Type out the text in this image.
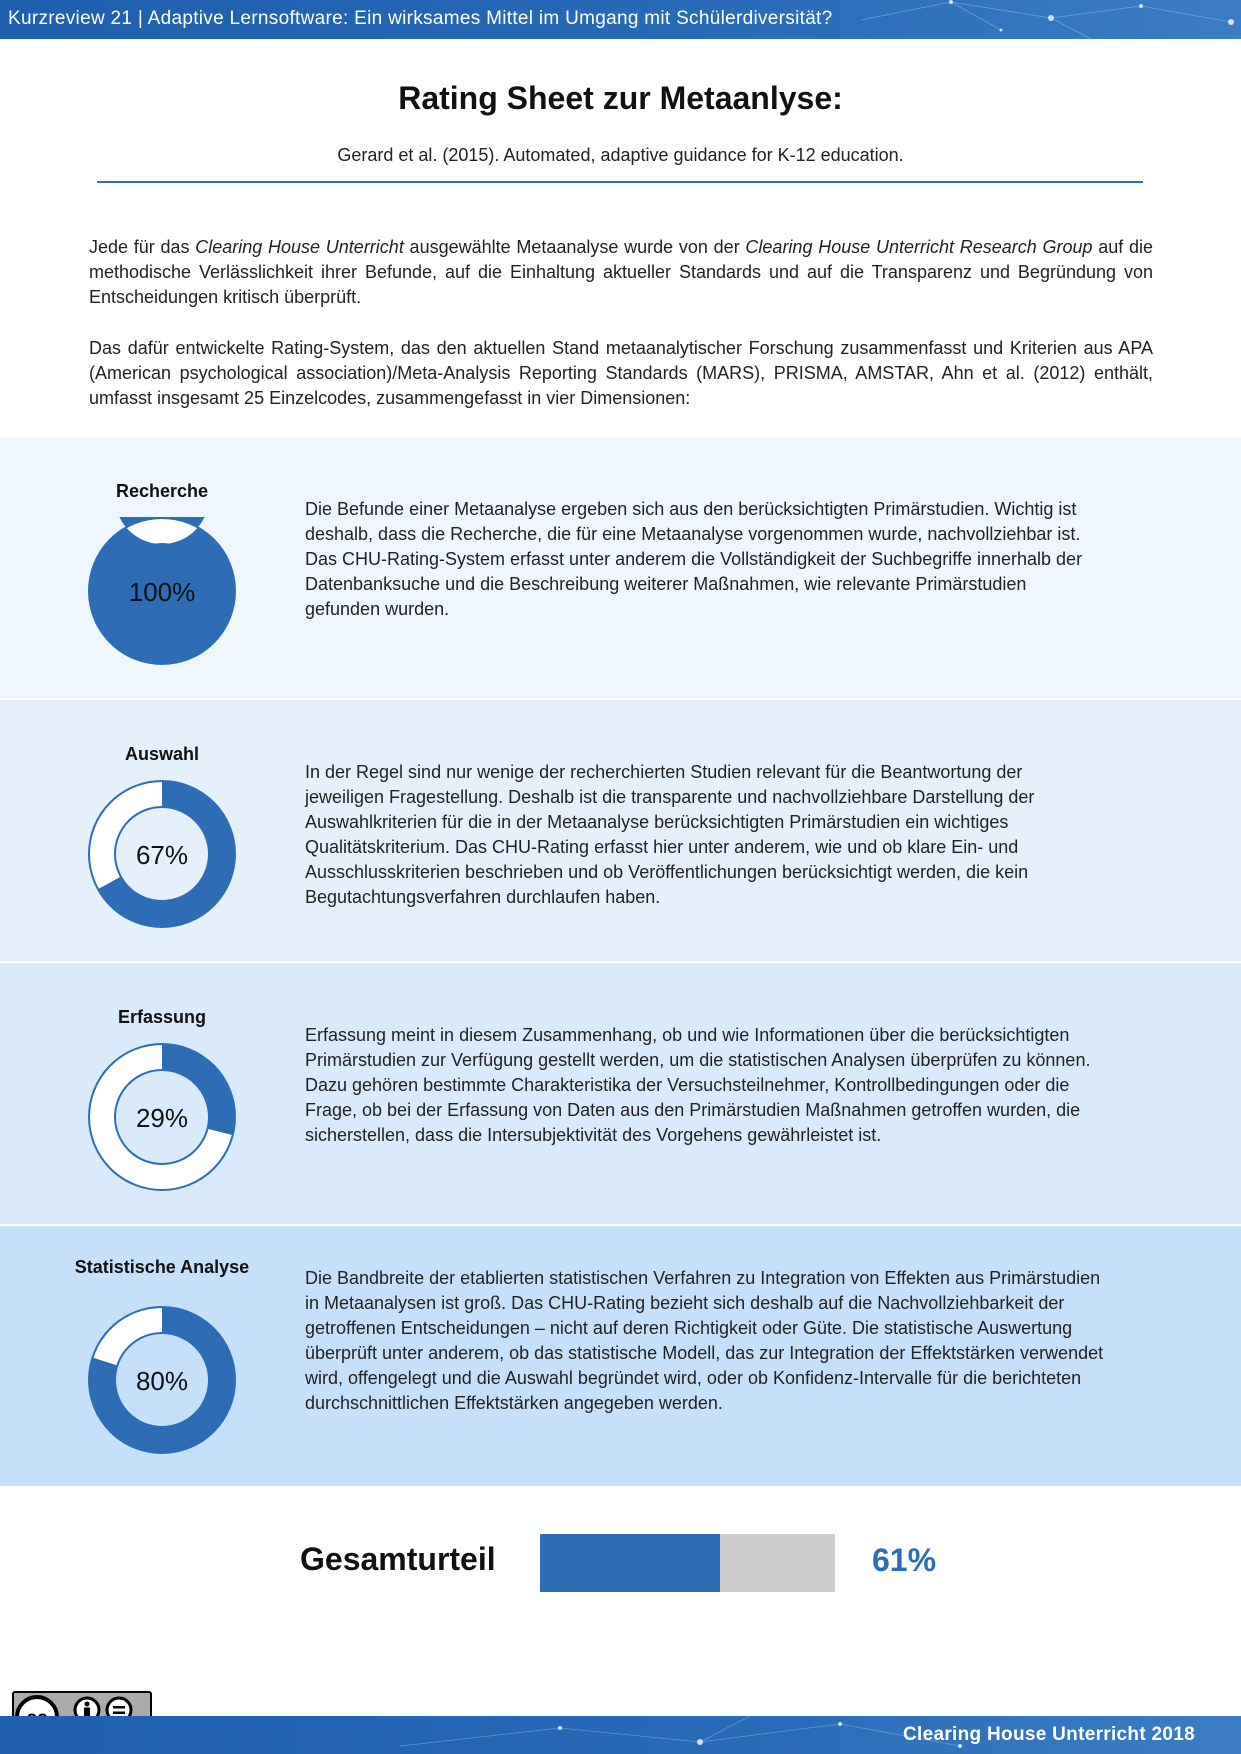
Kurzreview 21 | Adaptive Lernsoftware: Ein wirksames Mittel im Umgang mit Schülerdiversität?
Rating Sheet zur Metaanlyse:
Gerard et al. (2015). Automated, adaptive guidance for K-12 education.

Jede für das Clearing House Unterricht ausgewählte Metaanalyse wurde von der Clearing House Unterricht Research Group auf die methodische Verlässlichkeit ihrer Befunde, auf die Einhaltung aktueller Standards und auf die Transparenz und Begründung von Entscheidungen kritisch überprüft.

Das dafür entwickelte Rating-System, das den aktuellen Stand metaanalytischer Forschung zusammenfasst und Kriterien aus APA (American psychological association)/Meta-Analysis Reporting Standards (MARS), PRISMA, AMSTAR, Ahn et al. (2012) enthält, umfasst insgesamt 25 Einzelcodes, zusammengefasst in vier Dimensionen:

Recherche
100%

Die Befunde einer Metaanalyse ergeben sich aus den berücksichtigten Primärstudien. Wichtig ist deshalb, dass die Recherche, die für eine Metaanalyse vorgenommen wurde, nachvollziehbar ist. Das CHU-Rating-System erfasst unter anderem die Vollständigkeit der Suchbegriffe innerhalb der Datenbanksuche und die Beschreibung weiterer Maßnahmen, wie relevante Primärstudien gefunden wurden.

Auswahl
67%

In der Regel sind nur wenige der recherchierten Studien relevant für die Beantwortung der jeweiligen Fragestellung. Deshalb ist die transparente und nachvollziehbare Darstellung der Auswahlkriterien für die in der Metaanalyse berücksichtigten Primärstudien ein wichtiges Qualitätskriterium. Das CHU-Rating erfasst hier unter anderem, wie und ob klare Ein- und Ausschlusskriterien beschrieben und ob Veröffentlichungen berücksichtigt werden, die kein Begutachtungsverfahren durchlaufen haben.

Erfassung
29%

Erfassung meint in diesem Zusammenhang, ob und wie Informationen über die berücksichtigten Primärstudien zur Verfügung gestellt werden, um die statistischen Analysen überprüfen zu können. Dazu gehören bestimmte Charakteristika der Versuchsteilnehmer, Kontrollbedingungen oder die Frage, ob bei der Erfassung von Daten aus den Primärstudien Maßnahmen getroffen wurden, die sicherstellen, dass die Intersubjektivität des Vorgehens gewährleistet ist.

Statistische Analyse
80%

Die Bandbreite der etablierten statistischen Verfahren zu Integration von Effekten aus Primärstudien in Metaanalysen ist groß. Das CHU-Rating bezieht sich deshalb auf die Nachvollziehbarkeit der getroffenen Entscheidungen – nicht auf deren Richtigkeit oder Güte. Die statistische Auswertung überprüft unter anderem, ob das statistische Modell, das zur Integration der Effektstärken verwendet wird, offengelegt und die Auswahl begründet wird, oder ob Konfidenz-Intervalle für die berichteten durchschnittlichen Effektstärken angegeben werden.

Gesamturteil	61%
Clearing House Unterricht 2018
